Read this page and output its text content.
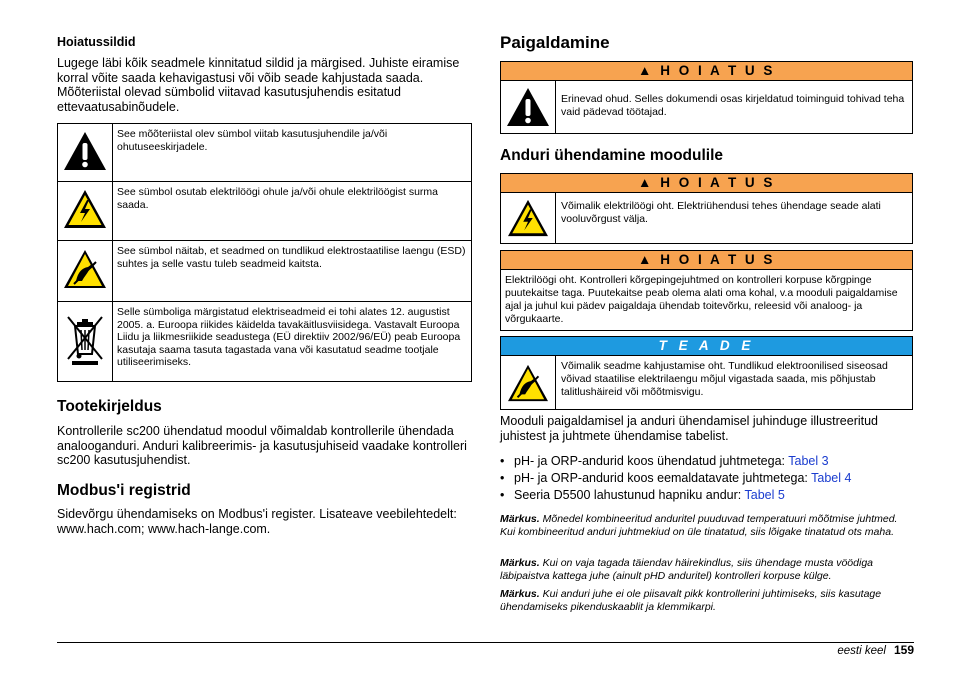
Hoiatussildid

Lugege läbi kõik seadmele kinnitatud sildid ja märgised. Juhiste eiramise korral võite saada kehavigastusi või võib seade kahjustada saada. Mõõteriistal olevad sümbolid viitavad kasutusjuhendis esitatud ettevaatusabinõudele.

	See mõõteriistal olev sümbol viitab kasutusjuhendile ja/või ohutuseeskirjadele.
	See sümbol osutab elektrilöögi ohule ja/või ohule elektrilöögist surma saada.
	See sümbol näitab, et seadmed on tundlikud elektrostaatilise laengu (ESD) suhtes ja selle vastu tuleb seadmeid kaitsta.
	Selle sümboliga märgistatud elektriseadmeid ei tohi alates 12. augustist 2005. a. Euroopa riikides käidelda tavakäitlusviisidega. Vastavalt Euroopa Liidu ja liikmesriikide seadustega (EÜ direktiiv 2002/96/EÜ) peab Euroopa kasutaja saama tasuta tagastada vana või kasutatud seadme tootjale utiliseerimiseks.
Tootekirjeldus

Kontrollerile sc200 ühendatud moodul võimaldab kontrollerile ühendada analooganduri. Anduri kalibreerimis- ja kasutusjuhiseid vaadake kontrolleri sc200 kasutusjuhendist.

Modbus'i registrid

Sidevõrgu ühendamiseks on Modbus'i register. Lisateave veebilehtedelt: www.hach.com; www.hach-lange.com.

Paigaldamine
▲ H O I A T U S
Erinevad ohud. Selles dokumendi osas kirjeldatud toiminguid tohivad teha vaid pädevad töötajad.
Anduri ühendamine moodulile
▲ H O I A T U S
Võimalik elektrilöögi oht. Elektriühendusi tehes ühendage seade alati vooluvõrgust välja.
▲ H O I A T U S
Elektrilöögi oht. Kontrolleri kõrgepingejuhtmed on kontrolleri korpuse kõrgpinge puutekaitse taga. Puutekaitse peab olema alati oma kohal, v.a mooduli paigaldamise ajal ja juhul kui pädev paigaldaja ühendab toitevõrku, releesid või analoog- ja võrgukaarte.
T E A D E
Võimalik seadme kahjustamise oht. Tundlikud elektroonilised siseosad võivad staatilise elektrilaengu mõjul vigastada saada, mis põhjustab talitlushäireid või mõõtmisvigu.

Mooduli paigaldamisel ja anduri ühendamisel juhinduge illustreeritud juhistest ja juhtmete ühendamise tabelist.

• pH- ja ORP-andurid koos ühendatud juhtmetega: Tabel 3
• pH- ja ORP-andurid koos eemaldatavate juhtmetega: Tabel 4
• Seeria D5500 lahustunud hapniku andur: Tabel 5
Märkus. Mõnedel kombineeritud anduritel puuduvad temperatuuri mõõtmise juhtmed. Kui kombineeritud anduri juhtmekiud on üle tinatatud, siis lõigake tinatatud ots maha.
Märkus. Kui on vaja tagada täiendav häirekindlus, siis ühendage musta vöödiga läbipaistva kattega juhe (ainult pHD anduritel) kontrolleri korpuse külge.
Märkus. Kui anduri juhe ei ole piisavalt pikk kontrollerini juhtimiseks, siis kasutage ühendamiseks pikenduskaablit ja klemmikarpi.
eesti keel 159
